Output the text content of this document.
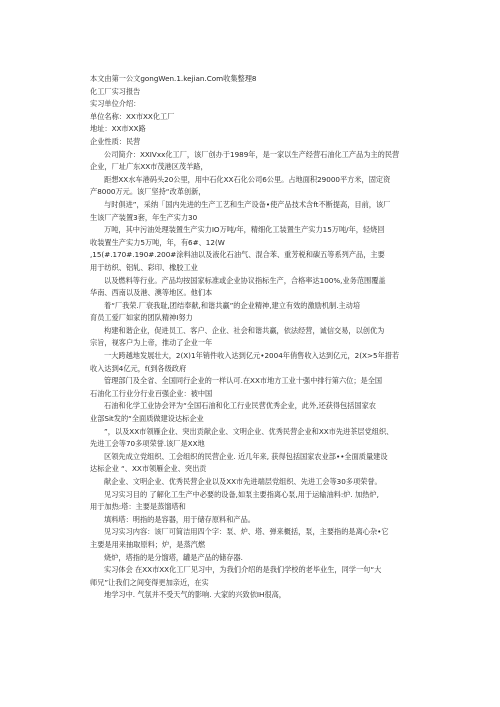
本文由第一公文gongWen.1.kejian.Com收集整理8
化工厂实习报告
实习单位介绍：
单位名称：XX市XX化工厂
地址：XX市XX路
企业性质：民营
公司简介：XXIVxx化工厂，该厂创办于1989年，是一家以生产经营石油化工产品为主的民营
企业，厂址广东XX市茂港区茂羊路，
距想XX水车港码头20公里，用中石化XX石化公司6公里。占地面积29000平方米，固定资
产8000万元。该厂坚持“改革创新，
与时俱进”，采纳「国内先进的生产工艺和生产设备•使产品技术含ft不断提高，目前，该厂
生该厂产装置3套，年生产实力30
万吨，其中污油处理装置生产实力IO万吨/年，精细化工装置生产实力15万吨/年，轻烧回
收装置生产实力5万吨，年，有6#、12(W
,15(#.170#.190#.200#涂料油以及液化石油气、混合苯、重芳税和碳五等系列产品，主要
用于纺织、铝轧、彩印、橡胶工业
以及燃料等行业。产品均按国家标准或企业协议指标生产，合格率达100%,业务范围覆盖
华南、西南以及港、澳等地区。他们本
着“厂我荣.厂衰我耻,团结奉献,和谐共赢”的企业精神,建立有效的激励机制.主动培
育员工爱厂如家的团队精神I努力
构建和谐企业，促进员工、客户、企业、社会和谐共赢，依法经营，诚信交易，以创优为
宗旨，视客户为上帝，推动了企业一年
一大跨越地发展壮大，2(X)1年销件收入达到亿元•2004年俏售收入达到亿元，2(X>5年措若
收入达到4亿元，f(到各级政府
管理部门及全省、全国同行企业的一样认可.在XX市地方工业十强中排行第六位；是全国
石油化工行业分行业百强企业：被中国
石油和化学工业协会评为“全国石油和化工行业民营优秀企业，此外,还获得包括国家农
业部Sit发的“全面质做建设达标企业
”，以及XX市领雁企业、突出贡献企业、文明企业、优秀民营企业和XX市先进茶层党组织、
先进工会等70多项荣誉.该厂是XX地
区领先成立党组织、工会组织的民营企业. 近几年来, 获得包括国家农业部••全面质量建设
达标企业 “、XX市领雁企业、突出贡
献企业、文明企业、优秀民营企业以及XX市先进端层党组织、先进工会等30多项荣誉。
见习实习目的 了解化工生产中必要的设备,如泵主要指离心泵,用于运输油料:炉. 加热炉,
用于加热:塔：主要是蒸馏塔和
填料塔：明指的是容器，用于储存原料和产品。
见习实习内容：该厂可简洁用四个字：泵、炉、塔、弹来概括，泵，主要指的是离心杂•它
主要是用来抽取原料；炉，是蒸汽燃
烧炉，塔指的是分馏塔，罐是产品的储存器.
实习体会 在XX市XX化工厂见习中，为我们介绍的是我们学校的老毕业生，同学一句“大
师兄”让我们之间变得更加亲近，在实
地学习中. 气氛并不受天气的影响. 大家的兴致依IH很高，
